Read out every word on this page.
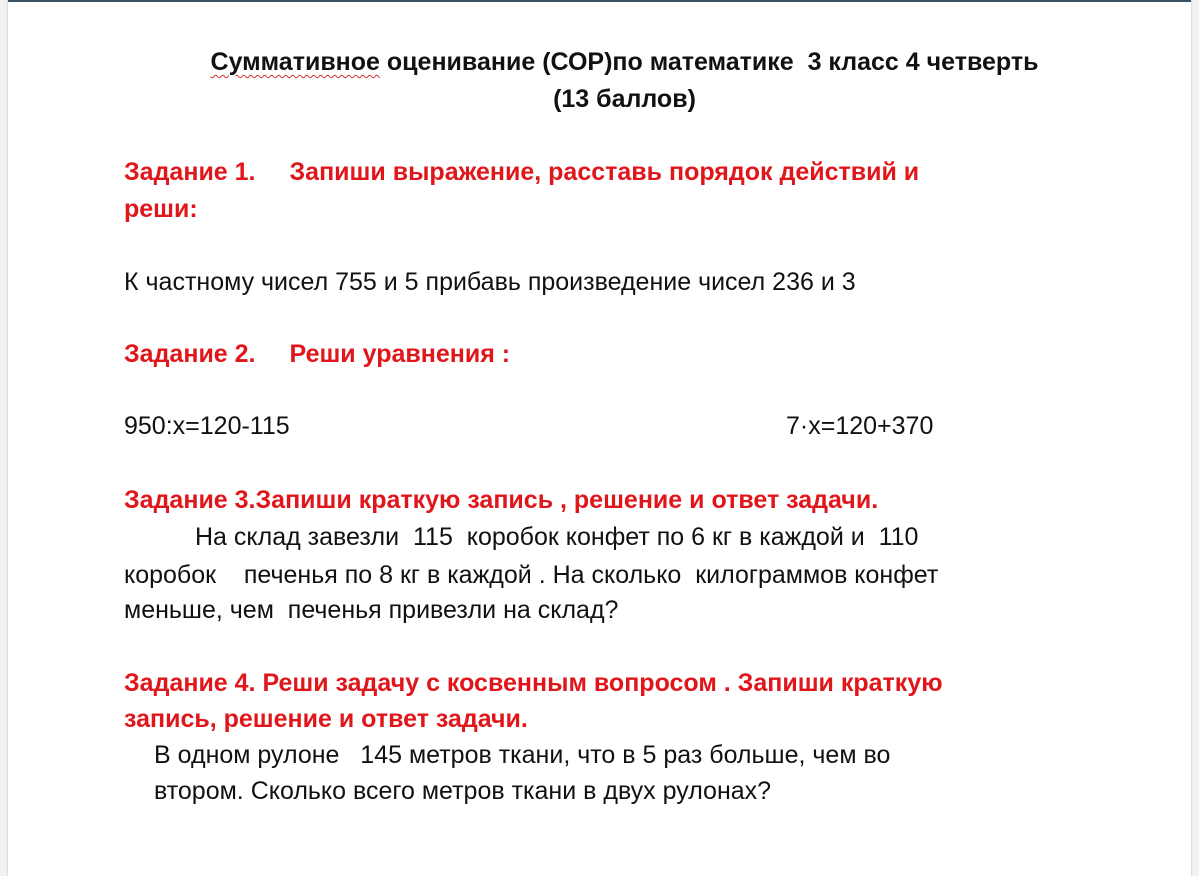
Суммативное оценивание (СОР)по математике  3 класс 4 четверть
(13 баллов)
Задание 1. Запиши выражение, расставь порядок действий и
реши:
К частному чисел 755 и 5 прибавь произведение чисел 236 и 3
Задание 2. Реши уравнения :
950:x=120-115	7·x=120+370
Задание 3.Запиши краткую запись , решение и ответ задачи.
На склад завезли  115  коробок конфет по 6 кг в каждой и  110
коробок    печенья по 8 кг в каждой . На сколько  килограммов конфет
меньше, чем  печенья привезли на склад?
Задание 4. Реши задачу с косвенным вопросом . Запиши краткую
запись, решение и ответ задачи.
В одном рулоне   145 метров ткани, что в 5 раз больше, чем во
втором. Сколько всего метров ткани в двух рулонах?
